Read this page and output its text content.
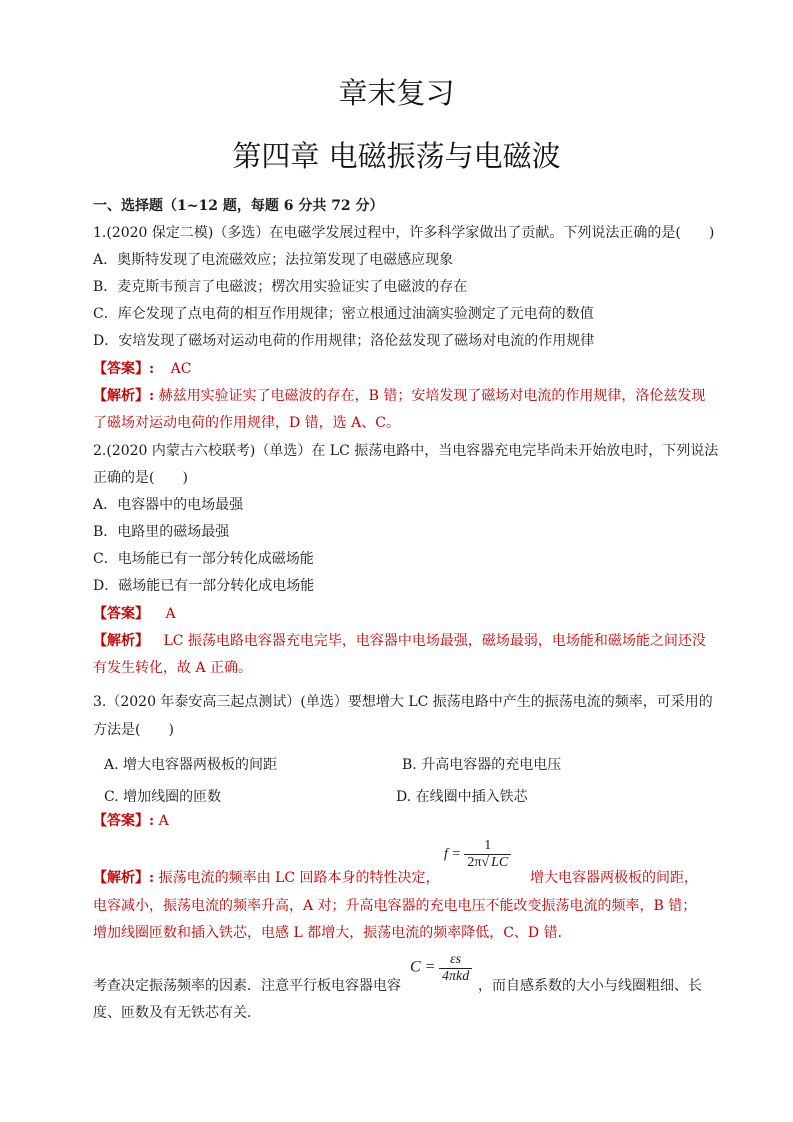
章末复习
第四章 电磁振荡与电磁波
一、选择题（1~12 题，每题 6 分共 72 分）
1.(2020 保定二模)（多选）在电磁学发展过程中，许多科学家做出了贡献。下列说法正确的是(　　)
A．奥斯特发现了电流磁效应；法拉第发现了电磁感应现象
B．麦克斯韦预言了电磁波；楞次用实验证实了电磁波的存在
C．库仑发现了点电荷的相互作用规律；密立根通过油滴实验测定了元电荷的数值
D．安培发现了磁场对运动电荷的作用规律；洛伦兹发现了磁场对电流的作用规律
【答案】: AC
【解析】: 赫兹用实验证实了电磁波的存在，B 错；安培发现了磁场对电流的作用规律，洛伦兹发现
了磁场对运动电荷的作用规律，D 错，选 A、C。
2.(2020 内蒙古六校联考)（单选）在 LC 振荡电路中，当电容器充电完毕尚未开始放电时，下列说法
正确的是(　　)
A．电容器中的电场最强
B．电路里的磁场最强
C．电场能已有一部分转化成磁场能
D．磁场能已有一部分转化成电场能
【答案】 A
【解析】 LC 振荡电路电容器充电完毕，电容器中电场最强，磁场最弱，电场能和磁场能之间还没
有发生转化，故 A 正确。
3.（2020 年泰安高三起点测试）(单选）要想增大 LC 振荡电路中产生的振荡电流的频率，可采用的
方法是(　　)
A. 增大电容器两极板的间距	B. 升高电容器的充电电压
C. 增加线圈的匝数	D. 在线圈中插入铁芯
【答案】: A
【解析】: 振荡电流的频率由 LC 回路本身的特性决定，
$f = \frac{1}{2\pi√ LC}$
增大电容器两极板的间距，
电容减小，振荡电流的频率升高，A 对；升高电容器的充电电压不能改变振荡电流的频率，B 错；
增加线圈匝数和插入铁芯，电感 L 都增大，振荡电流的频率降低，C、D 错．
考查决定振荡频率的因素．注意平行板电容器电容
$C = \frac{\varepsilon s}{\text{4πkd}}$
，而自感系数的大小与线圈粗细、长
度、匝数及有无铁芯有关．
